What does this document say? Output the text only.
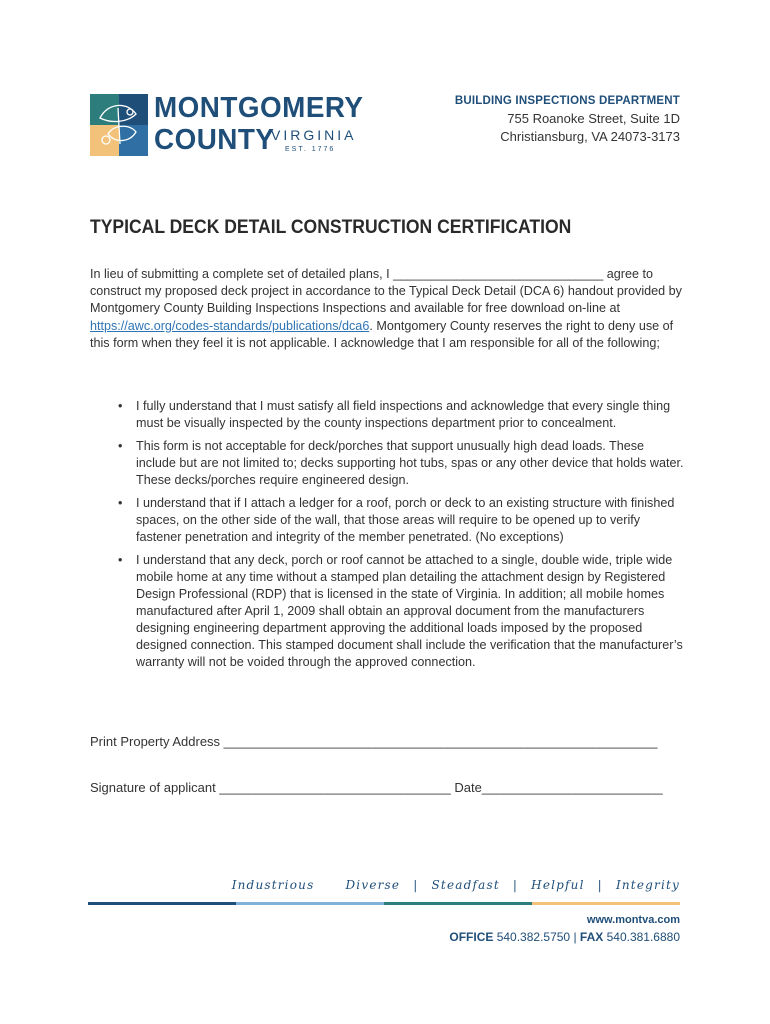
MONTGOMERY
COUNTY
VIRGINIA
EST. 1776
BUILDING INSPECTIONS DEPARTMENT
755 Roanoke Street, Suite 1D
Christiansburg, VA 24073-3173
TYPICAL DECK DETAIL CONSTRUCTION CERTIFICATION
In lieu of submitting a complete set of detailed plans, I ______________________________ agree to construct my proposed deck project in accordance to the Typical Deck Detail (DCA 6) handout provided by Montgomery County Building Inspections Inspections and available for free download on-line at https://awc.org/codes-standards/publications/dca6. Montgomery County reserves the right to deny use of this form when they feel it is not applicable. I acknowledge that I am responsible for all of the following;
• I fully understand that I must satisfy all field inspections and acknowledge that every single thing must be visually inspected by the county inspections department prior to concealment.
• This form is not acceptable for deck/porches that support unusually high dead loads. These include but are not limited to; decks supporting hot tubs, spas or any other device that holds water. These decks/porches require engineered design.
• I understand that if I attach a ledger for a roof, porch or deck to an existing structure with finished spaces, on the other side of the wall, that those areas will require to be opened up to verify fastener penetration and integrity of the member penetrated. (No exceptions)
• I understand that any deck, porch or roof cannot be attached to a single, double wide, triple wide mobile home at any time without a stamped plan detailing the attachment design by Registered Design Professional (RDP) that is licensed in the state of Virginia. In addition; all mobile homes manufactured after April 1, 2009 shall obtain an approval document from the manufacturers designing engineering department approving the additional loads imposed by the proposed designed connection. This stamped document shall include the verification that the manufacturer’s warranty will not be voided through the approved connection.
Print Property Address ____________________________________________________________
Signature of applicant ________________________________ Date_________________________
Industrious	Diverse | Steadfast | Helpful | Integrity
www.montva.com
OFFICE 540.382.5750 | FAX 540.381.6880
